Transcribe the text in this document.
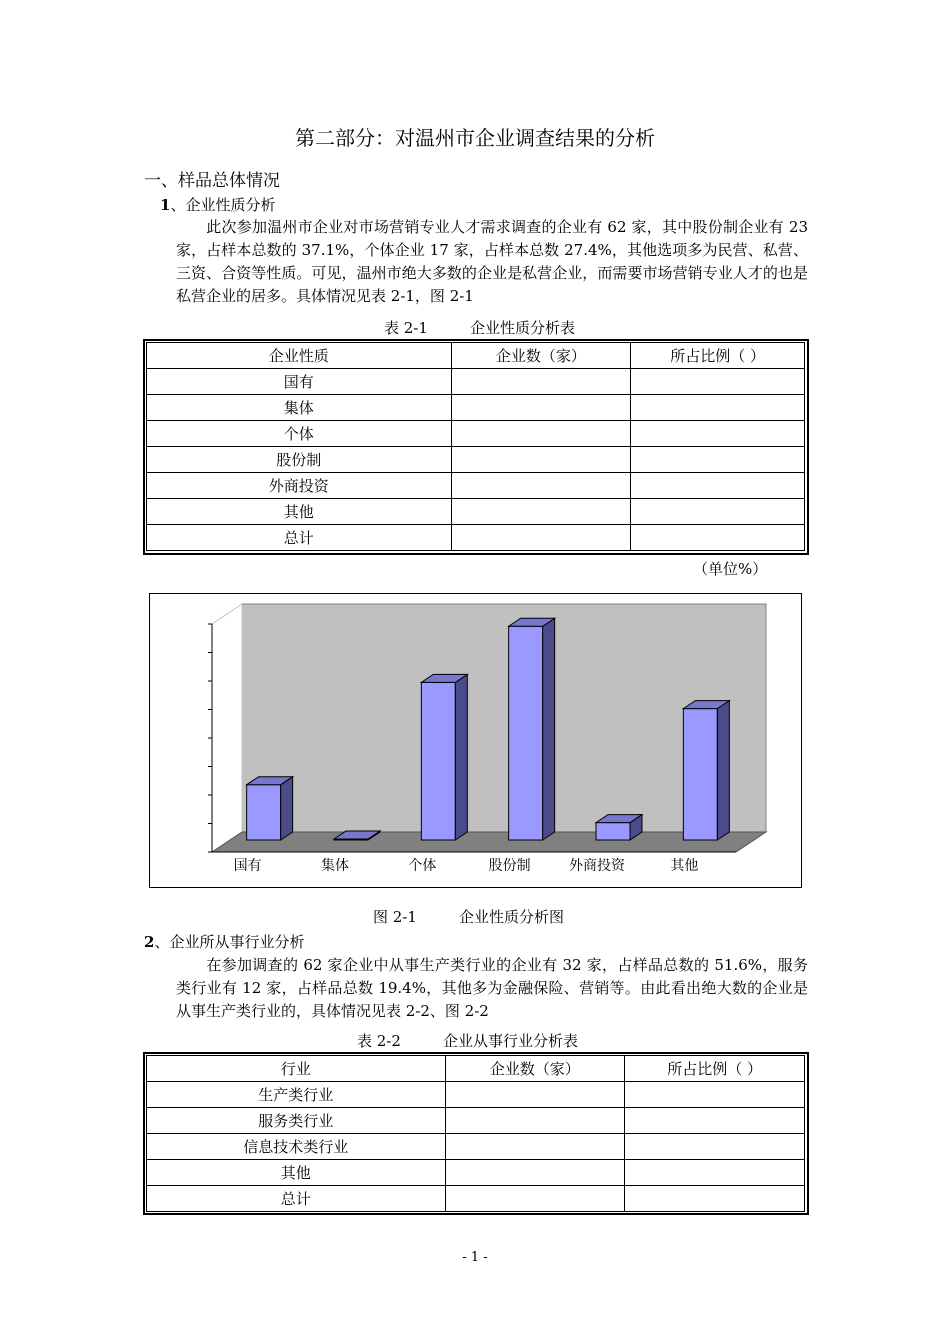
第二部分：对温州市企业调查结果的分析
一、样品总体情况
1、企业性质分析
此次参加温州市企业对市场营销专业人才需求调查的企业有 62 家，其中股份制企业有 23 家，占样本总数的 37.1%，个体企业 17 家，占样本总数 27.4%，其他选项多为民营、私营、三资、合资等性质。可见，温州市绝大多数的企业是私营企业，而需要市场营销专业人才的也是私营企业的居多。具体情况见表 2-1，图 2-1
表 2-1	企业性质分析表
企业性质	企业数（家）	所占比例（ ）
国有		
集体		
个体		
股份制		
外商投资		
其他		
总计		
（单位%）
国有	集体	个体	股份制	外商投资	其他
图 2-1	企业性质分析图
2、企业所从事行业分析
在参加调查的 62 家企业中从事生产类行业的企业有 32 家，占样品总数的 51.6%，服务类行业有 12 家，占样品总数 19.4%，其他多为金融保险、营销等。由此看出绝大数的企业是从事生产类行业的，具体情况见表 2-2、图 2-2
表 2-2	企业从事行业分析表
行业	企业数（家）	所占比例（ ）
生产类行业		
服务类行业		
信息技术类行业		
其他		
总计		
- 1 -
